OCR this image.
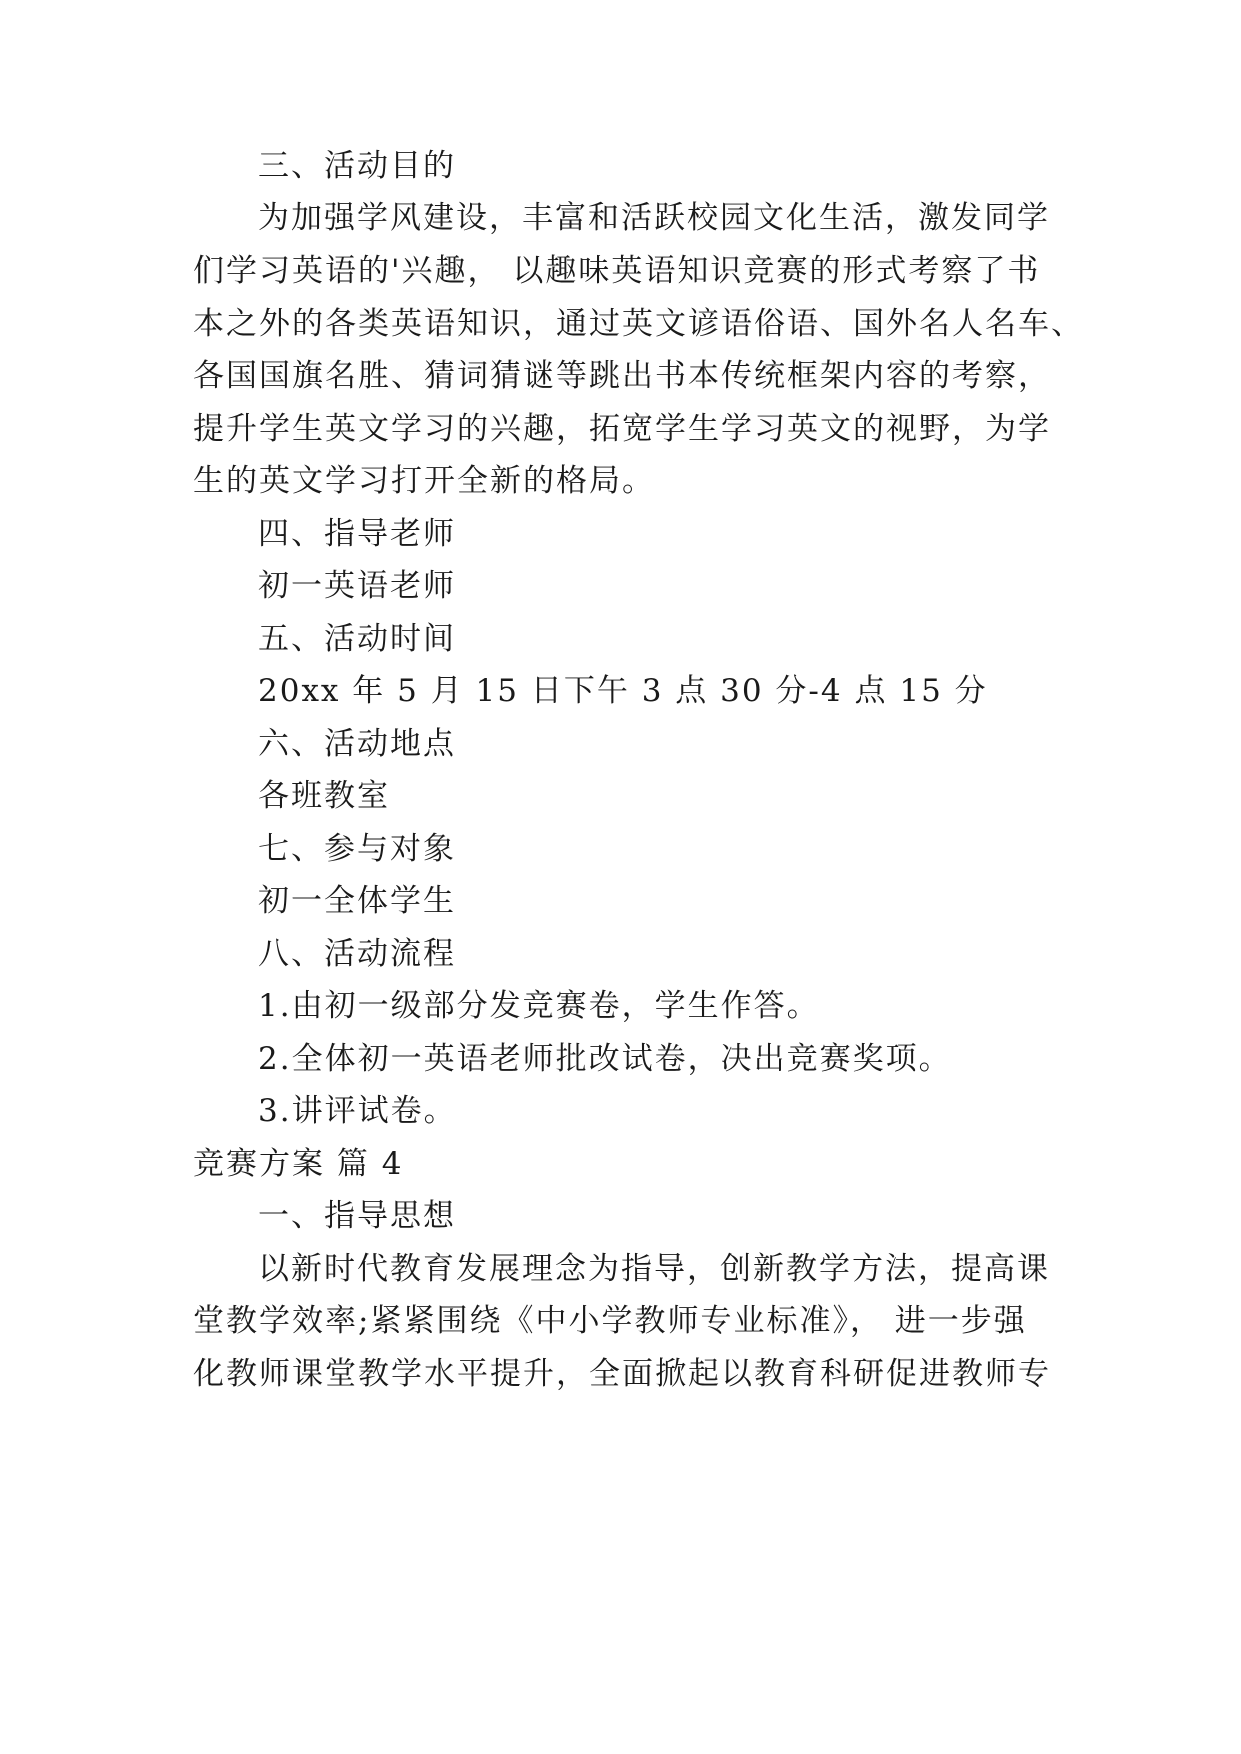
三、活动目的
为加强学风建设，丰富和活跃校园文化生活，激发同学
们学习英语的'兴趣， 以趣味英语知识竞赛的形式考察了书
本之外的各类英语知识，通过英文谚语俗语、国外名人名车、
各国国旗名胜、猜词猜谜等跳出书本传统框架内容的考察，
提升学生英文学习的兴趣，拓宽学生学习英文的视野，为学
生的英文学习打开全新的格局。
四、指导老师
初一英语老师
五、活动时间
20xx 年 5 月 15 日下午 3 点 30 分-4 点 15 分
六、活动地点
各班教室
七、参与对象
初一全体学生
八、活动流程
1.由初一级部分发竞赛卷，学生作答。
2.全体初一英语老师批改试卷，决出竞赛奖项。
3.讲评试卷。
竞赛方案 篇 4
一、指导思想
以新时代教育发展理念为指导，创新教学方法，提高课
堂教学效率;紧紧围绕《中小学教师专业标准》， 进一步强
化教师课堂教学水平提升，全面掀起以教育科研促进教师专
